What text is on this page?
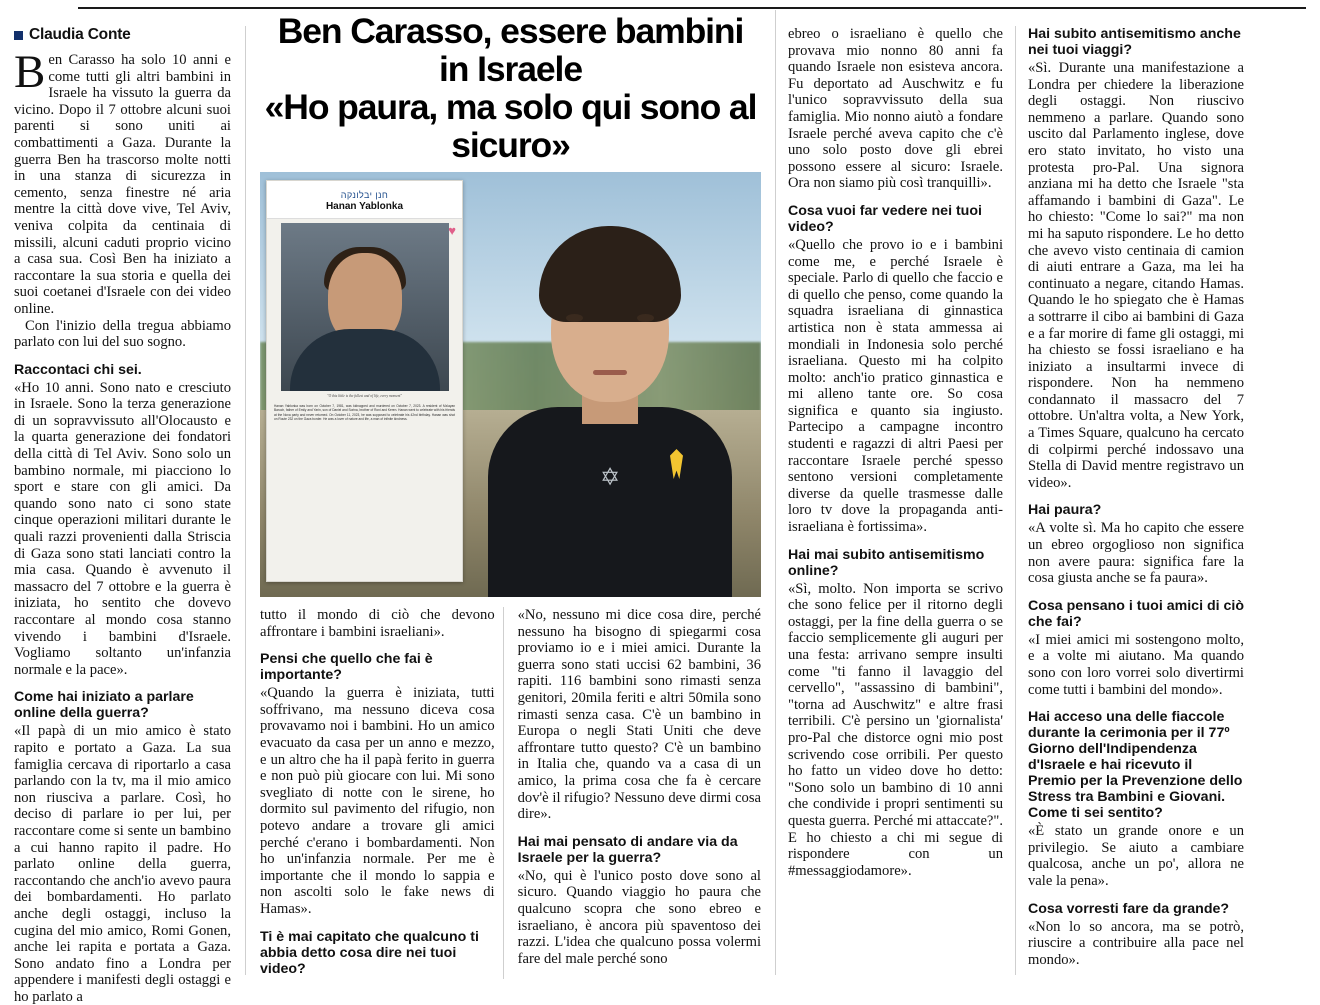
Claudia Conte

Ben Carasso ha solo 10 anni e come tutti gli altri bambini in Israele ha vissuto la guerra da vicino. Dopo il 7 ottobre alcuni suoi parenti si sono uniti ai combattimenti a Gaza. Durante la guerra Ben ha trascorso molte notti in una stanza di sicurezza in cemento, senza finestre né aria mentre la città dove vive, Tel Aviv, veniva colpita da centinaia di missili, alcuni caduti proprio vicino a casa sua. Così Ben ha iniziato a raccontare la sua storia e quella dei suoi coetanei d'Israele con dei video online.

Con l'inizio della tregua abbiamo parlato con lui del suo sogno.

Raccontaci chi sei.

«Ho 10 anni. Sono nato e cresciuto in Israele. Sono la terza generazione di un sopravvissuto all'Olocausto e la quarta generazione dei fondatori della città di Tel Aviv. Sono solo un bambino normale, mi piacciono lo sport e stare con gli amici. Da quando sono nato ci sono state cinque operazioni militari durante le quali razzi provenienti dalla Striscia di Gaza sono stati lanciati contro la mia casa. Quando è avvenuto il massacro del 7 ottobre e la guerra è iniziata, ho sentito che dovevo raccontare al mondo cosa stanno vivendo i bambini d'Israele. Vogliamo soltanto un'infanzia normale e la pace».

Come hai iniziato a parlare online della guerra?

«Il papà di un mio amico è stato rapito e portato a Gaza. La sua famiglia cercava di riportarlo a casa parlando con la tv, ma il mio amico non riusciva a parlare. Così, ho deciso di parlare io per lui, per raccontare come si sente un bambino a cui hanno rapito il padre. Ho parlato online della guerra, raccontando che anch'io avevo paura dei bombardamenti. Ho parlato anche degli ostaggi, incluso la cugina del mio amico, Romi Gonen, anche lei rapita e portata a Gaza. Sono andato fino a Londra per appendere i manifesti degli ostaggi e ho parlato a

Ben Carasso, essere bambini in Israele
«Ho paura, ma solo qui sono al sicuro»
חנן יבלונקה
Hanan Yablonka
"O this little is the fullest and of life, every moment"
Hanan Yablonka was born on October 7, 1981, was kidnapped and murdered on October 7, 2023. A resident of Ma'ayan Baruch, father of Emily and Yarin, son of Daniel and Sorina, brother of Roni and Keren. Hanan went to celebrate with his friends at the Nova party and never returned. On October 11, 2023, he was supposed to celebrate his 42nd birthday. Hanan was shot on Route 232 on the Gaza border. He was a lover of nature and life, a man of infinite kindness.
♥
✡

tutto il mondo di ciò che devono affrontare i bambini israeliani».

Pensi che quello che fai è importante?

«Quando la guerra è iniziata, tutti soffrivano, ma nessuno diceva cosa provavamo noi i bambini. Ho un amico evacuato da casa per un anno e mezzo, e un altro che ha il papà ferito in guerra e non può più giocare con lui. Mi sono svegliato di notte con le sirene, ho dormito sul pavimento del rifugio, non potevo andare a trovare gli amici perché c'erano i bombardamenti. Non ho un'infanzia normale. Per me è importante che il mondo lo sappia e non ascolti solo le fake news di Hamas».

Ti è mai capitato che qualcuno ti abbia detto cosa dire nei tuoi video?

«No, nessuno mi dice cosa dire, perché nessuno ha bisogno di spiegarmi cosa proviamo io e i miei amici. Durante la guerra sono stati uccisi 62 bambini, 36 rapiti. 116 bambini sono rimasti senza genitori, 20mila feriti e altri 50mila sono rimasti senza casa. C'è un bambino in Europa o negli Stati Uniti che deve affrontare tutto questo? C'è un bambino in Italia che, quando va a casa di un amico, la prima cosa che fa è cercare dov'è il rifugio? Nessuno deve dirmi cosa dire».

Hai mai pensato di andare via da Israele per la guerra?

«No, qui è l'unico posto dove sono al sicuro. Quando viaggio ho paura che qualcuno scopra che sono ebreo e israeliano, è ancora più spaventoso dei razzi. L'idea che qualcuno possa volermi fare del male perché sono

ebreo o israeliano è quello che provava mio nonno 80 anni fa quando Israele non esisteva ancora. Fu deportato ad Auschwitz e fu l'unico sopravvissuto della sua famiglia. Mio nonno aiutò a fondare Israele perché aveva capito che c'è uno solo posto dove gli ebrei possono essere al sicuro: Israele. Ora non siamo più così tranquilli».

Cosa vuoi far vedere nei tuoi video?

«Quello che provo io e i bambini come me, e perché Israele è speciale. Parlo di quello che faccio e di quello che penso, come quando la squadra israeliana di ginnastica artistica non è stata ammessa ai mondiali in Indonesia solo perché israeliana. Questo mi ha colpito molto: anch'io pratico ginnastica e mi alleno tante ore. So cosa significa e quanto sia ingiusto. Partecipo a campagne incontro studenti e ragazzi di altri Paesi per raccontare Israele perché spesso sentono versioni completamente diverse da quelle trasmesse dalle loro tv dove la propaganda anti-israeliana è fortissima».

Hai mai subito antisemitismo online?

«Sì, molto. Non importa se scrivo che sono felice per il ritorno degli ostaggi, per la fine della guerra o se faccio semplicemente gli auguri per una festa: arrivano sempre insulti come "ti fanno il lavaggio del cervello", "assassino di bambini", "torna ad Auschwitz" e altre frasi terribili. C'è persino un 'giornalista' pro-Pal che distorce ogni mio post scrivendo cose orribili. Per questo ho fatto un video dove ho detto: "Sono solo un bambino di 10 anni che condivide i propri sentimenti su questa guerra. Perché mi attaccate?". E ho chiesto a chi mi segue di rispondere con un #messaggiodamore».

Hai subito antisemitismo anche nei tuoi viaggi?

«Sì. Durante una manifestazione a Londra per chiedere la liberazione degli ostaggi. Non riuscivo nemmeno a parlare. Quando sono uscito dal Parlamento inglese, dove ero stato invitato, ho visto una protesta pro-Pal. Una signora anziana mi ha detto che Israele "sta affamando i bambini di Gaza". Le ho chiesto: "Come lo sai?" ma non mi ha saputo rispondere. Le ho detto che avevo visto centinaia di camion di aiuti entrare a Gaza, ma lei ha continuato a negare, citando Hamas. Quando le ho spiegato che è Hamas a sottrarre il cibo ai bambini di Gaza e a far morire di fame gli ostaggi, mi ha chiesto se fossi israeliano e ha iniziato a insultarmi invece di rispondere. Non ha nemmeno condannato il massacro del 7 ottobre. Un'altra volta, a New York, a Times Square, qualcuno ha cercato di colpirmi perché indossavo una Stella di David mentre registravo un video».

Hai paura?

«A volte sì. Ma ho capito che essere un ebreo orgoglioso non significa non avere paura: significa fare la cosa giusta anche se fa paura».

Cosa pensano i tuoi amici di ciò che fai?

«I miei amici mi sostengono molto, e a volte mi aiutano. Ma quando sono con loro vorrei solo divertirmi come tutti i bambini del mondo».

Hai acceso una delle fiaccole durante la cerimonia per il 77º Giorno dell'Indipendenza d'Israele e hai ricevuto il Premio per la Prevenzione dello Stress tra Bambini e Giovani. Come ti sei sentito?

«È stato un grande onore e un privilegio. Se aiuto a cambiare qualcosa, anche un po', allora ne vale la pena».

Cosa vorresti fare da grande?

«Non lo so ancora, ma se potrò, riuscire a contribuire alla pace nel mondo».
